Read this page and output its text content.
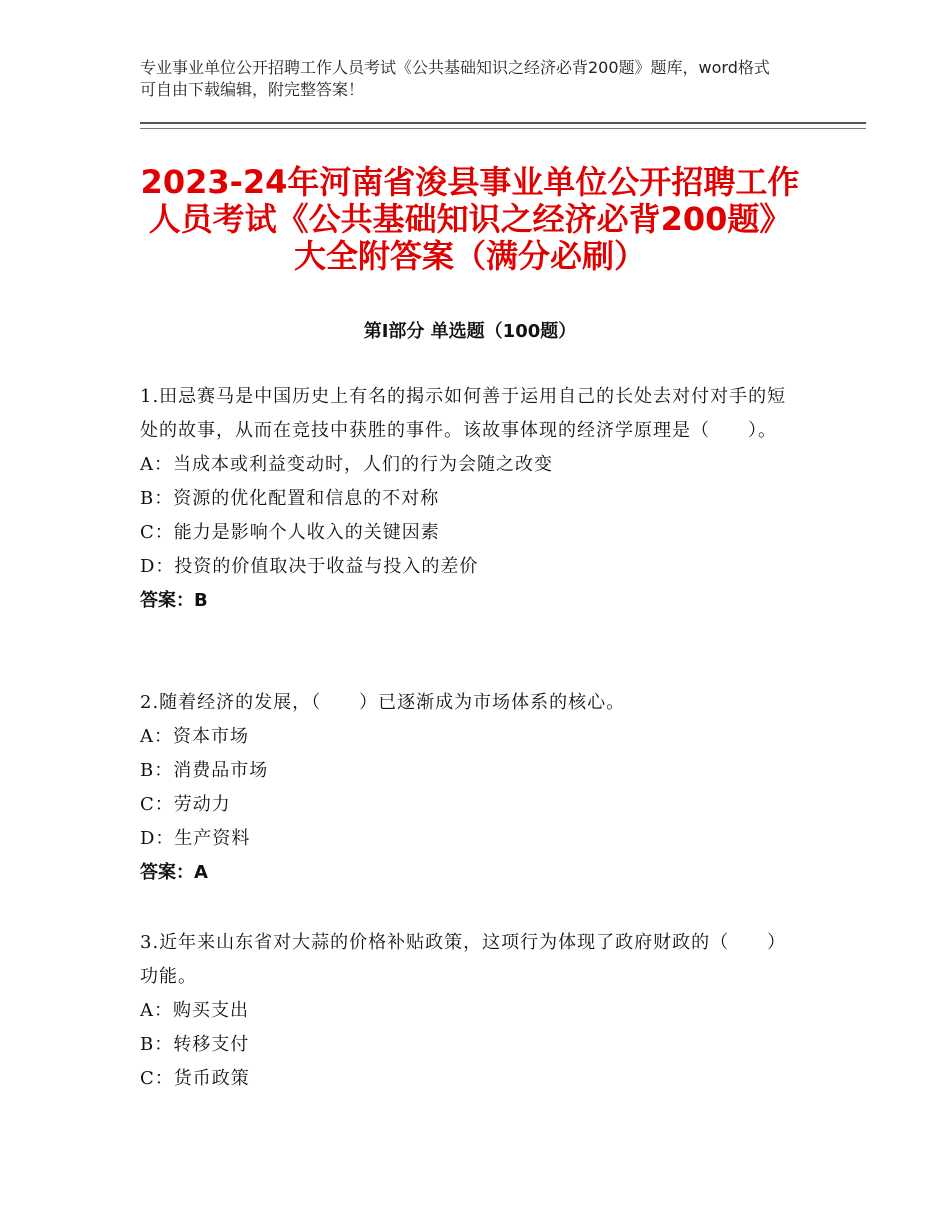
专业事业单位公开招聘工作人员考试《公共基础知识之经济必背200题》题库，word格式可自由下载编辑，附完整答案！
2023-24年河南省浚县事业单位公开招聘工作人员考试《公共基础知识之经济必背200题》大全附答案（满分必刷）
第Ⅰ部分 单选题（100题）
1.田忌赛马是中国历史上有名的揭示如何善于运用自己的长处去对付对手的短处的故事，从而在竞技中获胜的事件。该故事体现的经济学原理是（　　）。
A：当成本或利益变动时，人们的行为会随之改变
B：资源的优化配置和信息的不对称
C：能力是影响个人收入的关键因素
D：投资的价值取决于收益与投入的差价
答案：B
2.随着经济的发展，（　　）已逐渐成为市场体系的核心。
A：资本市场
B：消费品市场
C：劳动力
D：生产资料
答案：A
3.近年来山东省对大蒜的价格补贴政策，这项行为体现了政府财政的（　　）功能。
A：购买支出
B：转移支付
C：货币政策
